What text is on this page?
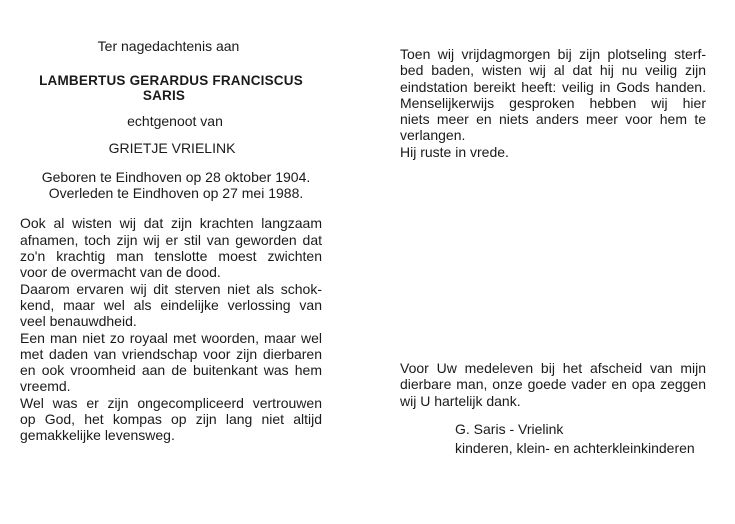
Ter nagedachtenis aan
LAMBERTUS GERARDUS FRANCISCUS
SARIS
echtgenoot van
GRIETJE VRIELINK
Geboren te Eindhoven op 28 oktober 1904.
Overleden te Eindhoven op 27 mei 1988.
Ook al wisten wij dat zijn krachten langzaam
afnamen, toch zijn wij er stil van geworden dat
zo'n krachtig man tenslotte moest zwichten
voor de overmacht van de dood.
Daarom ervaren wij dit sterven niet als schok-
kend, maar wel als eindelijke verlossing van
veel benauwdheid.
Een man niet zo royaal met woorden, maar wel
met daden van vriendschap voor zijn dierbaren
en ook vroomheid aan de buitenkant was hem
vreemd.
Wel was er zijn ongecompliceerd vertrouwen
op God, het kompas op zijn lang niet altijd
gemakkelijke levensweg.
Toen wij vrijdagmorgen bij zijn plotseling sterf-
bed baden, wisten wij al dat hij nu veilig zijn
eindstation bereikt heeft: veilig in Gods handen.
Menselijkerwijs gesproken hebben wij hier
niets meer en niets anders meer voor hem te
verlangen.
Hij ruste in vrede.
Voor Uw medeleven bij het afscheid van mijn
dierbare man, onze goede vader en opa zeggen
wij U hartelijk dank.
G. Saris - Vrielink
kinderen, klein- en achterkleinkinderen
